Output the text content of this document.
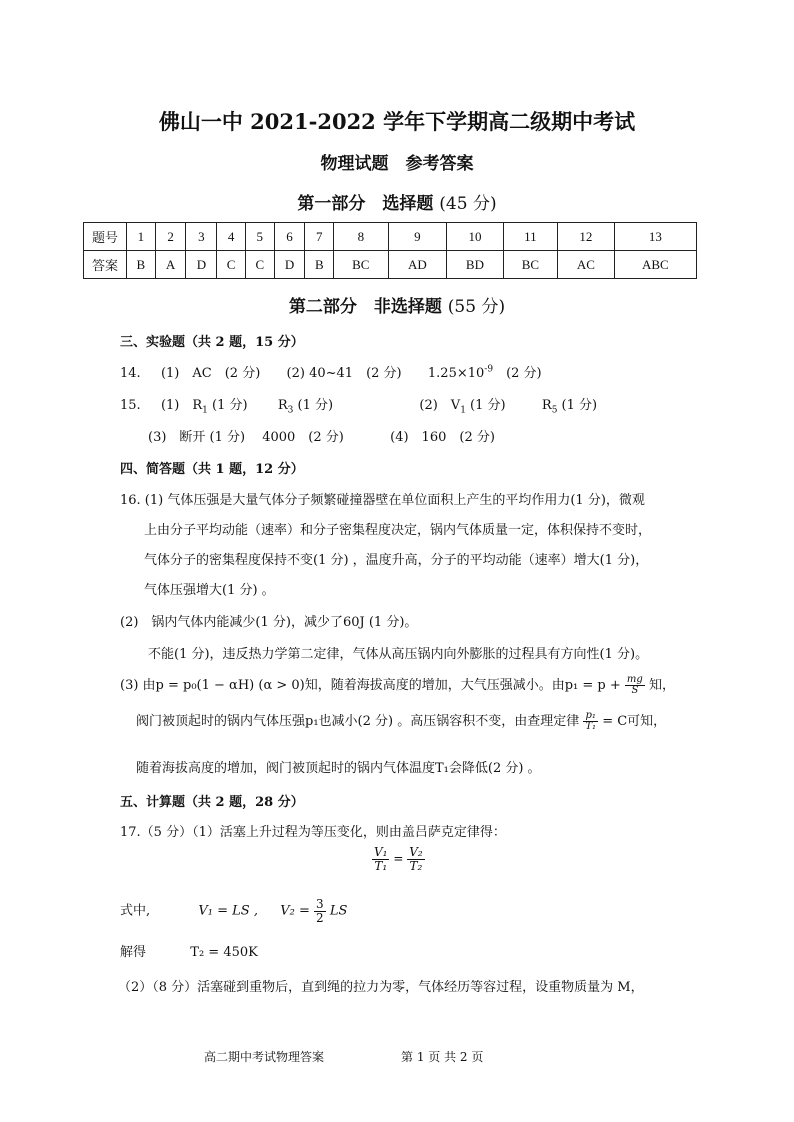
佛山一中 2021-2022 学年下学期高二级期中考试
物理试题　参考答案
第一部分　选择题 (45 分)
题号	1	2	3	4	5	6	7	8	9	10	11	12	13
答案	B	A	D	C	C	D	B	BC	AD	BD	BC	AC	ABC
第二部分　非选择题 (55 分)
三、实验题（共 2 题，15 分）
14. (1)　AC　(2 分) (2) 40~41　(2 分) $1.25\times 10^{-9}$　(2 分)
15. (1)　$R_1$ (1 分) $R_3$ (1 分)	(2)　$V_1$ (1 分)	$R_5$ (1 分)
(3)　断开 (1 分)　 4000　(2 分)	(4)　160　(2 分)
四、简答题（共 1 题，12 分）
16. (1) 气体压强是大量气体分子频繁碰撞器壁在单位面积上产生的平均作用力(1 分)，微观
上由分子平均动能（速率）和分子密集程度决定，锅内气体质量一定，体积保持不变时，
气体分子的密集程度保持不变(1 分) ，温度升高，分子的平均动能（速率）增大(1 分)，
气体压强增大(1 分) 。
(2)　锅内气体内能减少(1 分)，减少了60J (1 分)。
不能(1 分)，违反热力学第二定律，气体从高压锅内向外膨胀的过程具有方向性(1 分)。
(3) 由p = p₀(1 − αH) (α > 0)知，随着海拔高度的增加，大气压强减小。由$p_1 = p + \frac{mg}{S}$ 知，
阀门被顶起时的锅内气体压强p₁也减小(2 分) 。高压锅容积不变，由查理定律 $\frac{\text{p₁}}{\text{T₁}} = C$可知，
随着海拔高度的增加，阀门被顶起时的锅内气体温度T₁会降低(2 分) 。
五、计算题（共 2 题，28 分）
17.（5 分）（1）活塞上升过程为等压变化，则由盖吕萨克定律得：
$\frac{\text{V₁}}{\text{T₁}} = \frac{\text{V₂}}{\text{T₂}}$
式中,	V₁ = LS , $V_2 = \frac{3}{2}$ LS
解得	T₂ = 450K
（2）（8 分）活塞碰到重物后，直到绳的拉力为零，气体经历等容过程，设重物质量为 M，
高二期中考试物理答案	第 1 页 共 2 页
